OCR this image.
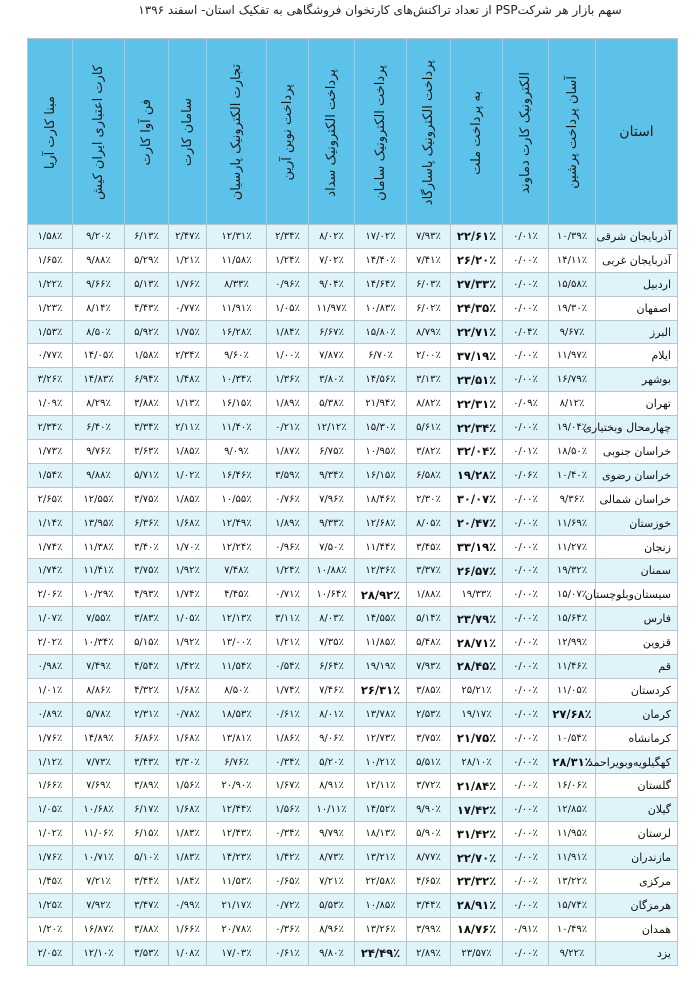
سهم بازار هر شرکتPSP از تعداد تراکنش‌های کارتخوان فروشگاهی به تفکیک استان- اسفند ۱۳۹۶
استان	آسان پرداخت پرشین	الکترونیک کارت دماوند	به پرداخت ملت	پرداخت الکترونیک پاسارگاد	پرداخت الکترونیک سامان	پرداخت الکترونیک سداد	پرداخت نوین آرین	تجارت الکترونیک پارسیان	سامان کارت	فن آوا کارت	کارت اعتباری ایران کیش	مبنا کارت آریا
آذربایجان شرقی	۱۰/۳۹٪	۰/۰۱٪	۲۲/۶۱٪	۷/۹۳٪	۱۷/۰۲٪	۸/۰۲٪	۲/۳۴٪	۱۲/۳۱٪	۲/۴۷٪	۶/۱۳٪	۹/۲۰٪	۱/۵۸٪
آذربایجان غربی	۱۴/۱۱٪	۰/۰۰٪	۲۶/۲۰٪	۷/۴۱٪	۱۴/۴۰٪	۷/۰۲٪	۱/۲۴٪	۱۱/۵۸٪	۱/۲۱٪	۵/۲۹٪	۹/۸۸٪	۱/۶۵٪
اردبیل	۱۵/۵۸٪	۰/۰۰٪	۲۷/۳۳٪	۶/۰۳٪	۱۴/۶۴٪	۹/۰۴٪	۰/۹۶٪	۸/۳۳٪	۱/۷۶٪	۵/۱۳٪	۹/۶۶٪	۱/۲۲٪
اصفهان	۱۹/۳۰٪	۰/۰۰٪	۲۴/۳۵٪	۶/۰۲٪	۱۰/۸۳٪	۱۱/۹۷٪	۱/۰۵٪	۱۱/۹۱٪	۰/۷۷٪	۴/۴۳٪	۸/۱۴٪	۱/۲۳٪
البرز	۹/۶۷٪	۰/۰۴٪	۲۲/۷۱٪	۸/۷۹٪	۱۵/۸۰٪	۶/۶۷٪	۱/۸۴٪	۱۶/۲۸٪	۱/۷۵٪	۵/۹۲٪	۸/۵۰٪	۱/۵۳٪
ایلام	۱۱/۹۷٪	۰/۰۰٪	۳۷/۱۹٪	۲/۰۰٪	۶/۷۰٪	۷/۸۷٪	۱/۰۰٪	۹/۶۰٪	۲/۳۴٪	۱/۵۸٪	۱۴/۰۵٪	۰/۷۷٪
بوشهر	۱۶/۷۹٪	۰/۰۰٪	۲۳/۵۱٪	۳/۱۳٪	۱۴/۵۶٪	۳/۸۰٪	۱/۳۶٪	۱۰/۳۴٪	۱/۴۸٪	۶/۹۴٪	۱۴/۸۳٪	۳/۲۶٪
تهران	۸/۱۲٪	۰/۰۹٪	۲۲/۳۱٪	۸/۸۲٪	۲۱/۹۴٪	۵/۳۸٪	۱/۸۹٪	۱۶/۱۵٪	۱/۱۳٪	۳/۸۸٪	۸/۲۹٪	۱/۰۹٪
چهارمحال وبختیاری	۱۹/۰۴٪	۰/۰۰٪	۲۲/۳۴٪	۵/۶۱٪	۱۵/۳۰٪	۱۲/۱۲٪	۰/۲۱٪	۱۱/۴۰٪	۲/۱۱٪	۳/۳۴٪	۶/۴۰٪	۲/۳۴٪
خراسان جنوبی	۱۸/۵۰٪	۰/۰۱٪	۳۲/۰۴٪	۳/۸۲٪	۱۰/۹۵٪	۶/۷۵٪	۱/۸۷٪	۹/۰۹٪	۱/۸۵٪	۳/۶۳٪	۹/۷۶٪	۱/۷۳٪
خراسان رضوی	۱۰/۴۰٪	۰/۰۶٪	۱۹/۲۸٪	۶/۵۸٪	۱۶/۱۵٪	۹/۳۴٪	۳/۵۹٪	۱۶/۴۶٪	۱/۰۲٪	۵/۷۱٪	۹/۸۸٪	۱/۵۴٪
خراسان شمالی	۹/۳۶٪	۰/۰۰٪	۳۰/۰۷٪	۲/۳۰٪	۱۸/۴۶٪	۷/۹۶٪	۰/۷۶٪	۱۰/۵۵٪	۱/۸۵٪	۳/۷۵٪	۱۲/۵۵٪	۲/۶۵٪
خوزستان	۱۱/۶۹٪	۰/۰۰٪	۲۰/۴۷٪	۸/۰۵٪	۱۲/۶۸٪	۹/۳۳٪	۱/۸۹٪	۱۲/۴۹٪	۱/۶۸٪	۶/۳۶٪	۱۳/۹۵٪	۱/۱۴٪
زنجان	۱۱/۲۷٪	۰/۰۰٪	۳۳/۱۹٪	۳/۴۵٪	۱۱/۴۴٪	۷/۵۰٪	۰/۹۶٪	۱۲/۲۴٪	۱/۷۰٪	۳/۴۰٪	۱۱/۳۸٪	۱/۷۴٪
سمنان	۱۹/۳۲٪	۰/۰۰٪	۲۶/۵۷٪	۳/۳۷٪	۱۲/۳۶٪	۱۰/۸۸٪	۱/۲۴٪	۷/۴۸٪	۱/۹۲٪	۳/۷۵٪	۱۱/۴۱٪	۱/۷۴٪
سیستان‌وبلوچستان	۱۵/۰۷٪	۰/۰۰٪	۱۹/۳۳٪	۱/۸۸٪	۲۸/۹۲٪	۱۰/۶۴٪	۰/۷۱٪	۴/۴۵٪	۱/۷۴٪	۴/۹۳٪	۱۰/۲۹٪	۲/۰۶٪
فارس	۱۵/۶۴٪	۰/۰۰٪	۲۳/۷۹٪	۵/۱۴٪	۱۴/۵۵٪	۸/۰۳٪	۳/۱۱٪	۱۲/۱۳٪	۱/۰۵٪	۳/۸۳٪	۷/۵۵٪	۱/۰۷٪
قزوین	۱۲/۹۹٪	۰/۰۰٪	۲۸/۷۱٪	۵/۴۸٪	۱۱/۸۵٪	۷/۳۵٪	۱/۲۱٪	۱۳/۰۰٪	۱/۹۲٪	۵/۱۵٪	۱۰/۳۴٪	۲/۰۲٪
قم	۱۱/۴۶٪	۰/۰۰٪	۲۸/۴۵٪	۷/۹۳٪	۱۹/۱۹٪	۶/۶۴٪	۰/۵۴٪	۱۱/۵۴٪	۱/۴۲٪	۴/۵۴٪	۷/۴۹٪	۰/۹۸٪
کردستان	۱۱/۰۵٪	۰/۰۰٪	۲۵/۲۱٪	۳/۸۵٪	۲۶/۳۱٪	۷/۴۶٪	۱/۷۴٪	۸/۵۰٪	۱/۶۸٪	۴/۳۲٪	۸/۸۶٪	۱/۰۱٪
کرمان	۲۷/۶۸٪	۰/۰۰٪	۱۹/۱۷٪	۲/۵۳٪	۱۳/۷۸٪	۸/۰۱٪	۰/۶۱٪	۱۸/۵۳٪	۰/۷۸٪	۲/۳۱٪	۵/۷۸٪	۰/۸۹٪
کرمانشاه	۱۰/۵۴٪	۰/۰۰٪	۲۱/۷۵٪	۳/۷۵٪	۱۲/۷۳٪	۹/۰۶٪	۱/۸۶٪	۱۳/۸۱٪	۱/۶۸٪	۶/۸۶٪	۱۴/۸۹٪	۱/۷۶٪
کهگیلویه‌وبویراحمد	۲۸/۳۱٪	۰/۰۰٪	۲۸/۱۰٪	۵/۵۱٪	۱۰/۲۱٪	۵/۲۰٪	۰/۳۴٪	۶/۷۶٪	۳/۳۰٪	۳/۴۳٪	۷/۷۳٪	۱/۱۲٪
گلستان	۱۶/۰۶٪	۰/۰۰٪	۲۱/۸۴٪	۳/۷۲٪	۱۲/۱۱٪	۸/۹۱٪	۱/۶۷٪	۲۰/۹۰٪	۱/۵۶٪	۳/۸۹٪	۷/۶۹٪	۱/۶۶٪
گیلان	۱۲/۸۵٪	۰/۰۰٪	۱۷/۴۲٪	۹/۹۰٪	۱۴/۵۲٪	۱۰/۱۱٪	۱/۵۶٪	۱۲/۴۴٪	۱/۶۸٪	۶/۱۷٪	۱۰/۶۸٪	۱/۰۵٪
لرستان	۱۱/۹۵٪	۰/۰۰٪	۳۱/۴۲٪	۵/۹۰٪	۱۸/۱۳٪	۹/۷۹٪	۰/۳۴٪	۱۲/۴۳٪	۱/۸۳٪	۶/۱۵٪	۱۱/۰۶٪	۱/۰۲٪
مازندران	۱۱/۹۱٪	۰/۰۰٪	۲۲/۷۰٪	۸/۷۷٪	۱۳/۲۱٪	۸/۷۳٪	۱/۴۲٪	۱۴/۲۳٪	۱/۸۳٪	۵/۱۰٪	۱۰/۷۱٪	۱/۷۶٪
مرکزی	۱۳/۲۲٪	۰/۰۰٪	۲۳/۳۲٪	۴/۶۵٪	۲۲/۵۸٪	۷/۲۱٪	۰/۶۵٪	۱۱/۵۳٪	۱/۸۴٪	۳/۴۴٪	۷/۲۱٪	۱/۴۵٪
هرمزگان	۱۵/۷۴٪	۰/۰۰٪	۲۸/۹۱٪	۳/۴۴٪	۱۰/۸۵٪	۵/۵۳٪	۰/۷۲٪	۲۱/۱۷٪	۰/۹۹٪	۳/۴۷٪	۷/۹۲٪	۱/۲۵٪
همدان	۱۰/۴۹٪	۰/۹۱٪	۱۸/۷۶٪	۳/۹۹٪	۱۳/۲۶٪	۸/۹۶٪	۰/۳۶٪	۲۰/۷۸٪	۱/۶۶٪	۳/۸۸٪	۱۶/۸۷٪	۱/۲۰٪
یزد	۹/۲۲٪	۰/۰۰٪	۲۳/۵۷٪	۲/۸۹٪	۲۴/۴۹٪	۹/۸۰٪	۰/۶۱٪	۱۷/۰۳٪	۱/۰۸٪	۳/۵۳٪	۱۲/۱۰٪	۲/۰۵٪
